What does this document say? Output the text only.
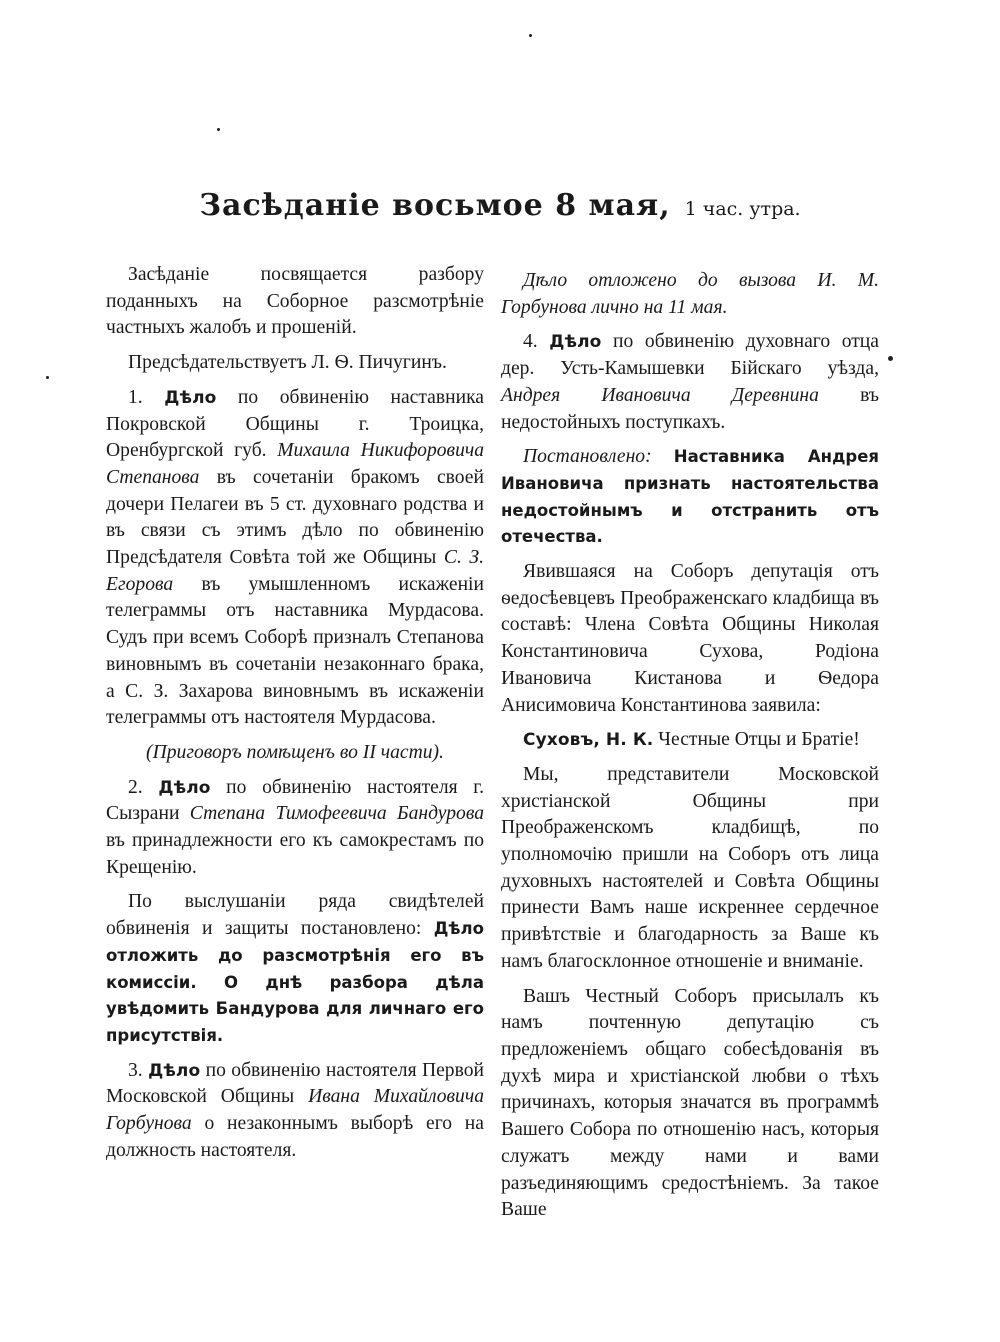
Засѣданіе восьмое 8 мая, 1 час. утра.

Засѣданіе посвящается разбору поданныхъ на Соборное разсмотрѣніе частныхъ жалобъ и прошеній.

Предсѣдательствуетъ Л. Ѳ. Пичугинъ.

1. Дѣло по обвиненію наставника Покровской Общины г. Троицка, Оренбургской губ. Михаила Никифоровича Степанова въ сочетаніи бракомъ своей дочери Пелагеи въ 5 ст. духовнаго родства и въ связи съ этимъ дѣло по обвиненію Предсѣдателя Совѣта той же Общины С. З. Егорова въ умышленномъ искаженіи телеграммы отъ наставника Мурдасова. Судъ при всемъ Соборѣ призналъ Степанова виновнымъ въ сочетаніи незаконнаго брака, а С. З. Захарова виновнымъ въ искаженіи телеграммы отъ настоятеля Мурдасова.

(Приговоръ помѣщенъ во II части).

2. Дѣло по обвиненію настоятеля г. Сызрани Степана Тимофеевича Бандурова въ принадлежности его къ самокрестамъ по Крещенію.

По выслушаніи ряда свидѣтелей обвиненія и защиты постановлено: Дѣло отложить до разсмотрѣнія его въ комиссіи. О днѣ разбора дѣла увѣдомить Бандурова для личнаго его присутствія.

3. Дѣло по обвиненію настоятеля Первой Московской Общины Ивана Михайловича Горбунова о незаконнымъ выборѣ его на должность настоятеля.

Дѣло отложено до вызова И. М. Горбунова лично на 11 мая.

4. Дѣло по обвиненію духовнаго отца дер. Усть-Камышевки Бійскаго уѣзда, Андрея Ивановича Деревнина въ недостойныхъ поступкахъ.

Постановлено: Наставника Андрея Ивановича признать настоятельства недостойнымъ и отстранить отъ отечества.

Явившаяся на Соборъ депутація отъ ѳедосѣевцевъ Преображенскаго кладбища въ составѣ: Члена Совѣта Общины Николая Константиновича Сухова, Родіона Ивановича Кистанова и Ѳедора Анисимовича Константинова заявила:

Суховъ, Н. К. Честные Отцы и Братіе!

Мы, представители Московской христіанской Общины при Преображенскомъ кладбищѣ, по уполномочію пришли на Соборъ отъ лица духовныхъ настоятелей и Совѣта Общины принести Вамъ наше искреннее сердечное привѣтствіе и благодарность за Ваше къ намъ благосклонное отношеніе и вниманіе.

Вашъ Честный Соборъ присылалъ къ намъ почтенную депутацію съ предложеніемъ общаго собесѣдованія въ духѣ мира и христіанской любви о тѣхъ причинахъ, которыя значатся въ программѣ Вашего Собора по отношенію насъ, которыя служатъ между нами и вами разъединяющимъ средостѣніемъ. За такое Ваше
